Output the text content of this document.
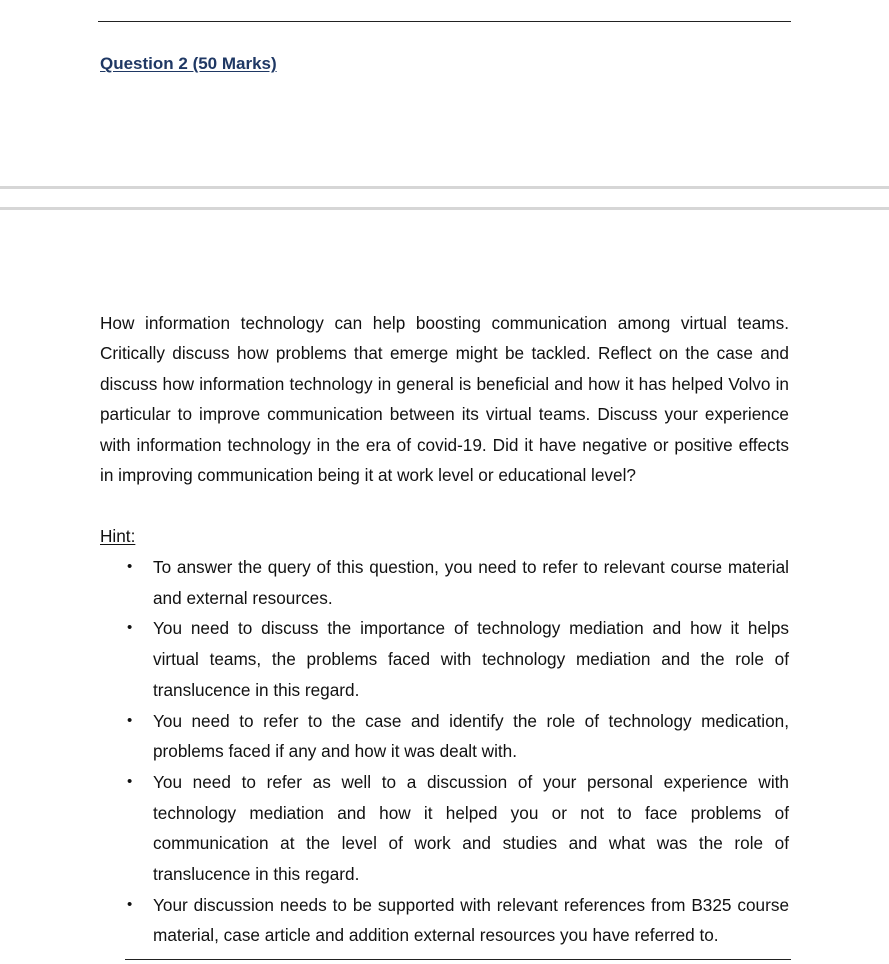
Question 2 (50 Marks)

How information technology can help boosting communication among virtual teams. Critically discuss how problems that emerge might be tackled. Reflect on the case and discuss how information technology in general is beneficial and how it has helped Volvo in particular to improve communication between its virtual teams. Discuss your experience with information technology in the era of covid-19. Did it have negative or positive effects in improving communication being it at work level or educational level?

Hint:

• To answer the query of this question, you need to refer to relevant course material and external resources.
• You need to discuss the importance of technology mediation and how it helps virtual teams, the problems faced with technology mediation and the role of translucence in this regard.
• You need to refer to the case and identify the role of technology medication, problems faced if any and how it was dealt with.
• You need to refer as well to a discussion of your personal experience with technology mediation and how it helped you or not to face problems of communication at the level of work and studies and what was the role of translucence in this regard.
• Your discussion needs to be supported with relevant references from B325 course material, case article and addition external resources you have referred to.
